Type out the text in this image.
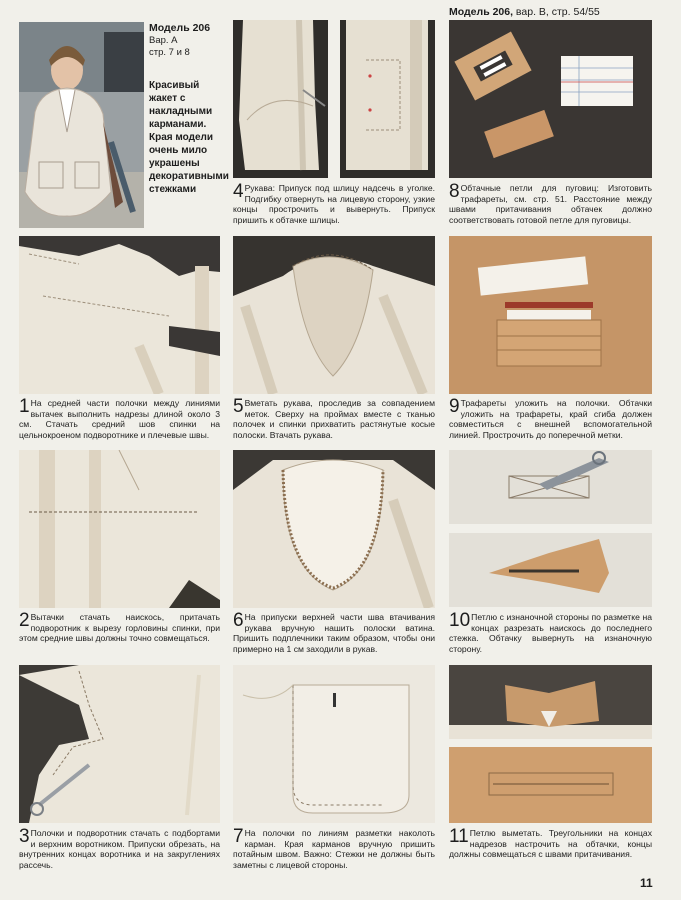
Модель 206
Вар. А
стр. 7 и 8
Красивый жакет с накладными карманами. Края модели очень мило украшены декоративными стежками
Модель 206, вар. В, стр. 54/55
4 Рукава: Припуск под шлицу надсечь в уголке. Подгибку отвернуть на лицевую сторону, узкие концы прострочить и вывернуть. Припуск пришить к обтачке шлицы.
8 Обтачные петли для пуговиц: Изготовить трафареты, см. стр. 51. Расстояние между швами притачивания обтачек должно соответствовать готовой петле для пуговицы.
1 На средней части полочки между линиями вытачек выполнить надрезы длиной около 3 см. Стачать средний шов спинки на цельнокроеном подворотнике и плечевые швы.
5 Вметать рукава, проследив за совпадением меток. Сверху на проймах вместе с тканью полочек и спинки прихватить растянутые косые полоски. Втачать рукава.
9 Трафареты уложить на полочки. Обтачки уложить на трафареты, край сгиба должен совместиться с внешней вспомогательной линией. Прострочить до поперечной метки.
2 Вытачки стачать наискось, притачать подворотник к вырезу горловины спинки, при этом средние швы должны точно совмещаться.
6 На припуски верхней части шва втачивания рукава вручную нашить полоски ватина. Пришить подплечники таким образом, чтобы они примерно на 1 см заходили в рукав.
10 Петлю с изнаночной стороны по разметке на концах разрезать наискось до последнего стежка. Обтачку вывернуть на изнаночную сторону.
3 Полочки и подворотник стачать с подбортами и верхним воротником. Припуски обрезать, на внутренних концах воротника и на закруглениях рассечь.
7 На полочки по линиям разметки наколоть карман. Края карманов вручную пришить потайным швом. Важно: Стежки не должны быть заметны с лицевой стороны.
11 Петлю выметать. Треугольники на концах надрезов настрочить на обтачки, концы должны совмещаться с швами притачивания.
11
